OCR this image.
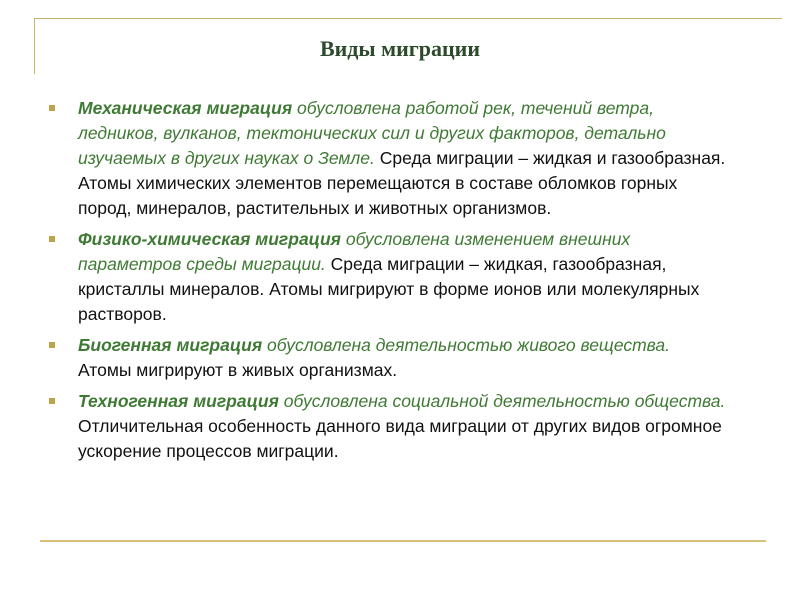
Виды миграции
Механическая миграция обусловлена работой рек, течений ветра, ледников, вулканов, тектонических сил и других факторов, детально изучаемых в других науках о Земле. Среда миграции – жидкая и газообразная. Атомы химических элементов перемещаются в составе обломков горных пород, минералов, растительных и животных организмов.
Физико-химическая миграция обусловлена изменением внешних параметров среды миграции. Среда миграции – жидкая, газообразная, кристаллы минералов. Атомы мигрируют в форме ионов или молекулярных растворов.
Биогенная миграция обусловлена деятельностью живого вещества. Атомы мигрируют в живых организмах.
Техногенная миграция обусловлена социальной деятельностью общества. Отличительная особенность данного вида миграции от других видов огромное ускорение процессов миграции.
